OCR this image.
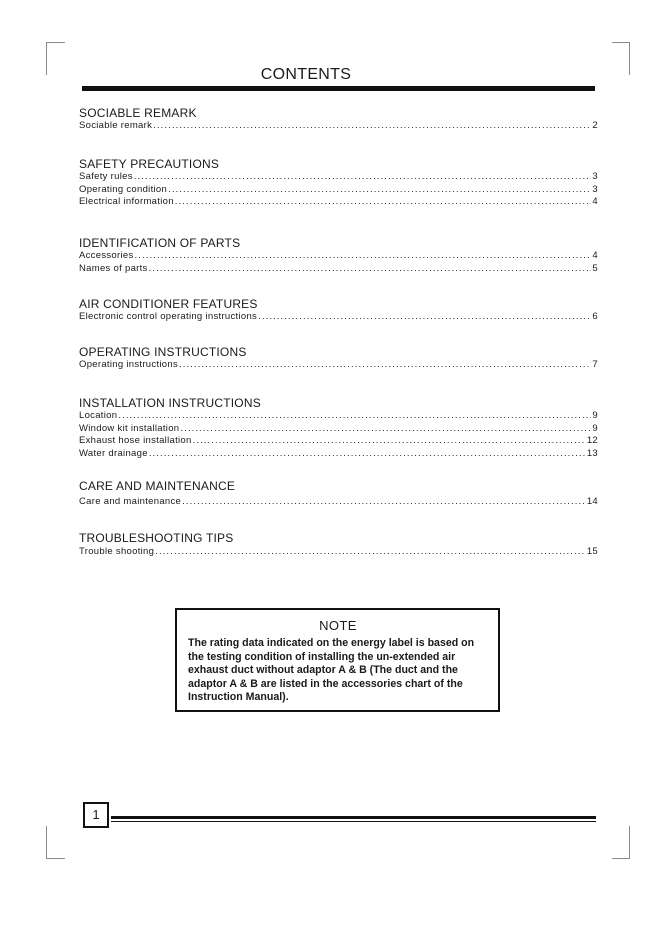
CONTENTS
SOCIABLE REMARK
Sociable remark .....	2
SAFETY PRECAUTIONS
Safety rules .....	3
Operating condition .....	3
Electrical information .....	4
IDENTIFICATION OF PARTS
Accessories .....	4
Names of parts .....	5
AIR CONDITIONER FEATURES
Electronic control operating instructions .....	6
OPERATING INSTRUCTIONS
Operating instructions .....	7
INSTALLATION INSTRUCTIONS
Location .....	9
Window kit installation .....	9
Exhaust hose installation .....	12
Water drainage .....	13
CARE AND MAINTENANCE
Care and maintenance .....	14
TROUBLESHOOTING TIPS
Trouble shooting .....	15
NOTE
The rating data indicated on the energy label is based on the testing condition of installing the un-extended air exhaust duct without adaptor A & B (The duct and the adaptor A & B are listed in the accessories chart of the Instruction Manual).
1
